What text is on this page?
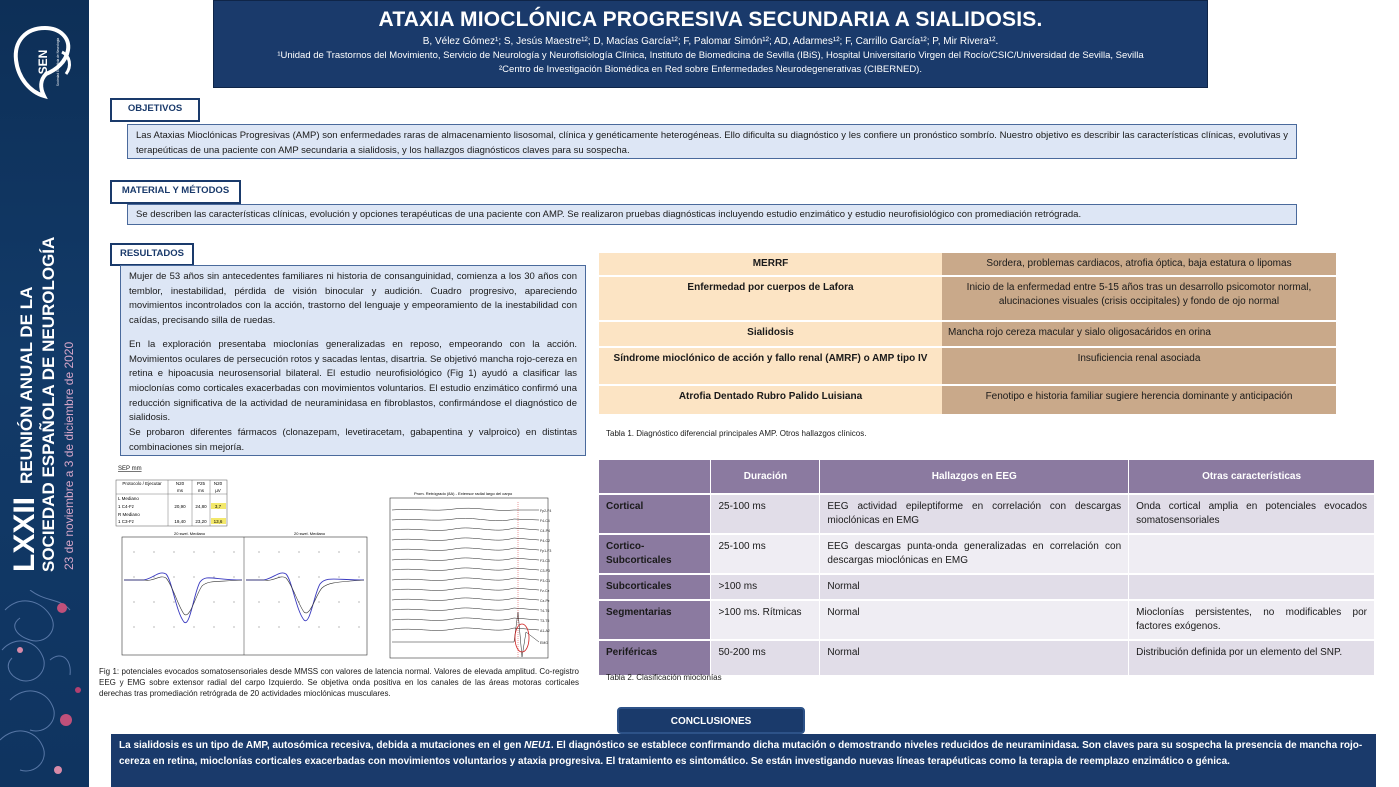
SEN Sociedad Española de Neurología
LXXII
REUNIÓN ANUAL DE LA SOCIEDAD ESPAÑOLA DE NEUROLOGÍA 23 de noviembre a 3 de diciembre de 2020
ATAXIA MIOCLÓNICA PROGRESIVA SECUNDARIA A SIALIDOSIS.
B, Vélez Gómez¹; S, Jesús Maestre¹²; D, Macías García¹²; F, Palomar Simón¹²; AD, Adarmes¹²; F, Carrillo García¹²; P, Mir Rivera¹².
¹Unidad de Trastornos del Movimiento, Servicio de Neurología y Neurofisiología Clínica, Instituto de Biomedicina de Sevilla (IBiS), Hospital Universitario Virgen del Rocío/CSIC/Universidad de Sevilla, Sevilla
²Centro de Investigación Biomédica en Red sobre Enfermedades Neurodegenerativas (CIBERNED).
OBJETIVOS
Las Ataxias Mioclónicas Progresivas (AMP) son enfermedades raras de almacenamiento lisosomal, clínica y genéticamente heterogéneas. Ello dificulta su diagnóstico y les confiere un pronóstico sombrío. Nuestro objetivo es describir las características clínicas, evolutivas y terapeúticas de una paciente con AMP secundaria a sialidosis, y los hallazgos diagnósticos claves para su sospecha.
MATERIAL Y MÉTODOS
Se describen las características clínicas, evolución y opciones terapéuticas de una paciente con AMP. Se realizaron pruebas diagnósticas incluyendo estudio enzimático y estudio neurofisiológico con promediación retrógrada.
RESULTADOS

Mujer de 53 años sin antecedentes familiares ni historia de consanguinidad, comienza a los 30 años con temblor, inestabilidad, pérdida de visión binocular y audición. Cuadro progresivo, apareciendo movimientos incontrolados con la acción, trastorno del lenguaje y empeoramiento de la inestabilidad con caídas, precisando silla de ruedas.

En la exploración presentaba mioclonías generalizadas en reposo, empeorando con la acción. Movimientos oculares de persecución rotos y sacadas lentas, disartria. Se objetivó mancha rojo-cereza en retina e hipoacusia neurosensorial bilateral. El estudio neurofisiológico (Fig 1) ayudó a clasificar las mioclonías como corticales exacerbadas con movimientos voluntarios. El estudio enzimático confirmó una reducción significativa de la actividad de neuraminidasa en fibroblastos, confirmándose el diagnóstico de sialidosis.

Se probaron diferentes fármacos (clonazepam, levetiracetam, gabapentina y valproico) en distintas combinaciones sin mejoría.

SEP mm
Protocolo / Ejecutar	N20	P25 N20
ms	ms µV
L Mediano
1 C4-Fz	20,90 24,80 3,7
R Mediano
1 C3-Fz	19,40 23,20 13,6
20 swel. Mediano	20 swel. Mediano
Prom. Retrógrado (8A) - Extensor radial largo del carpo
Fp2-F4
F4-C4
C4-P4
P4-O2
Fp1-F3
F3-C3
C3-P3
P3-O1
Fz-Cz
Cz-Pz
T4-T6
T3-T5
A1-A2
EMG
Fig 1: potenciales evocados somatosensoriales desde MMSS con valores de latencia normal. Valores de elevada amplitud. Co-registro EEG y EMG sobre extensor radial del carpo Izquierdo. Se objetiva onda positiva en los canales de las áreas motoras corticales derechas tras promediación retrógrada de 20 actividades mioclónicas musculares.
MERRF	Sordera, problemas cardiacos, atrofia óptica, baja estatura o lipomas
Enfermedad por cuerpos de Lafora	Inicio de la enfermedad entre 5-15 años tras un desarrollo psicomotor normal, alucinaciones visuales (crisis occipitales) y fondo de ojo normal
Sialidosis	Mancha rojo cereza macular y sialo oligosacáridos en orina
Síndrome mioclónico de acción y fallo renal (AMRF) o AMP tipo IV	Insuficiencia renal asociada
Atrofia Dentado Rubro Palido Luisiana	Fenotipo e historia familiar sugiere herencia dominante y anticipación
Tabla 1. Diagnóstico diferencial principales AMP. Otros hallazgos clínicos.
	Duración	Hallazgos en EEG	Otras características
Cortical	25-100 ms	EEG actividad epileptiforme en correlación con descargas mioclónicas en EMG	Onda cortical amplia en potenciales evocados somatosensoriales
Cortico-Subcorticales	25-100 ms	EEG descargas punta-onda generalizadas en correlación con descargas mioclónicas en EMG	
Subcorticales	>100 ms	Normal	
Segmentarias	>100 ms. Rítmicas	Normal	Mioclonías persistentes, no modificables por factores exógenos.
Periféricas	50-200 ms	Normal	Distribución definida por un elemento del SNP.
Tabla 2. Clasificación mioclonías
CONCLUSIONES
La sialidosis es un tipo de AMP, autosómica recesiva, debida a mutaciones en el gen NEU1. El diagnóstico se establece confirmando dicha mutación o demostrando niveles reducidos de neuraminidasa. Son claves para su sospecha la presencia de mancha rojo-cereza en retina, mioclonías corticales exacerbadas con movimientos voluntarios y ataxia progresiva. El tratamiento es sintomático. Se están investigando nuevas líneas terapéuticas como la terapia de reemplazo enzimático o génica.
